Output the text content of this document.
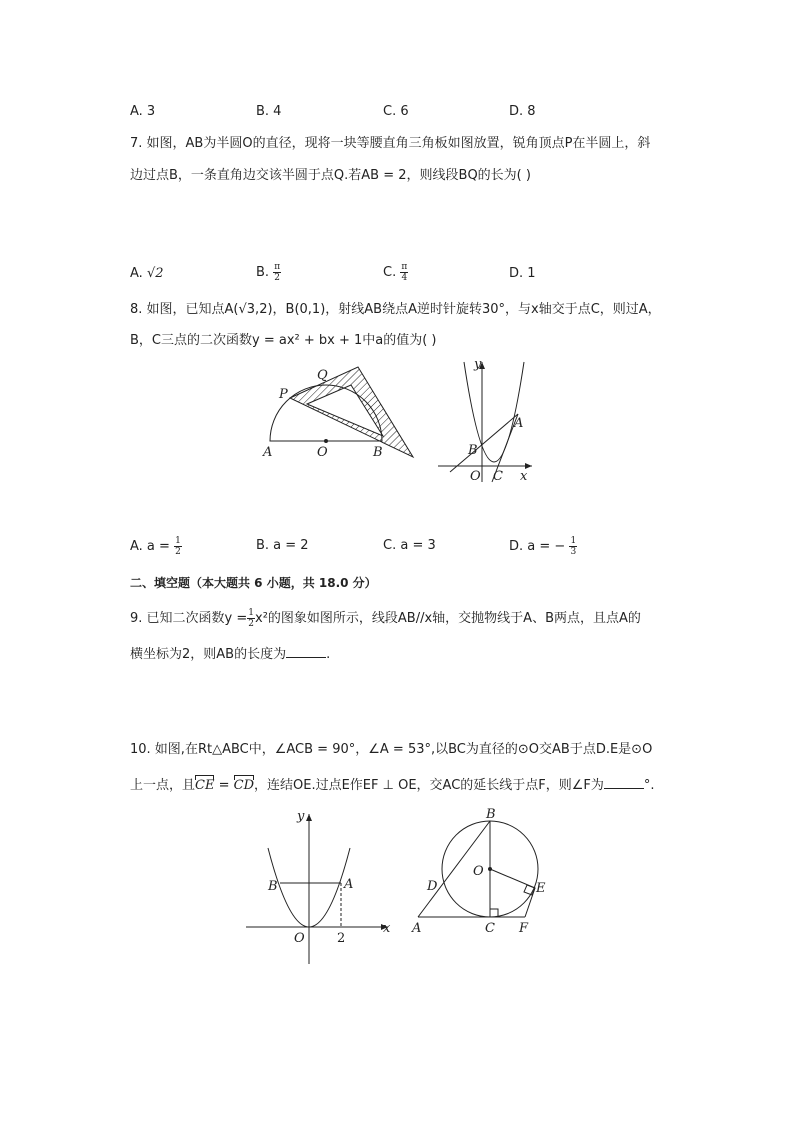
A. 3	B. 4	C. 6	D. 8
7. 如图，AB为半圆O的直径，现将一块等腰直角三角板如图放置，锐角顶点P在半圆上，斜
边过点B，一条直角边交该半圆于点Q.若AB = 2，则线段BQ的长为( )
A. √2	B. $\frac{\pi}{2}$	C. $\frac{\pi}{4}$	D. 1
8. 如图，已知点A(√3,2)，B(0,1)，射线AB绕点A逆时针旋转30°，与x轴交于点C，则过A，
B，C三点的二次函数y = ax² + bx + 1中a的值为( )
A	O	B
P
Q
y
x
A
B
O C
A. $a = \frac{1}{2}$	B. a = 2	C. a = 3	D. a = − $\frac{1}{3}$
二、填空题（本大题共 6 小题，共 18.0 分）
9. 已知二次函数$y = \frac{1}{2} x^2$的图象如图所示，线段AB//x轴，交抛物线于A、B两点，且点A的
横坐标为2，则AB的长度为	.
10. 如图,在Rt△ABC中，∠ACB = 90°，∠A = 53°,以BC为直径的⊙O交AB于点D.E是⊙O
上一点，且
CE = CD，连结OE.过点E作EF ⊥ OE，交AC的延长线于点F，则∠F为	°.
y
x
B	A
O 2
B
O
D	E
A	C F
